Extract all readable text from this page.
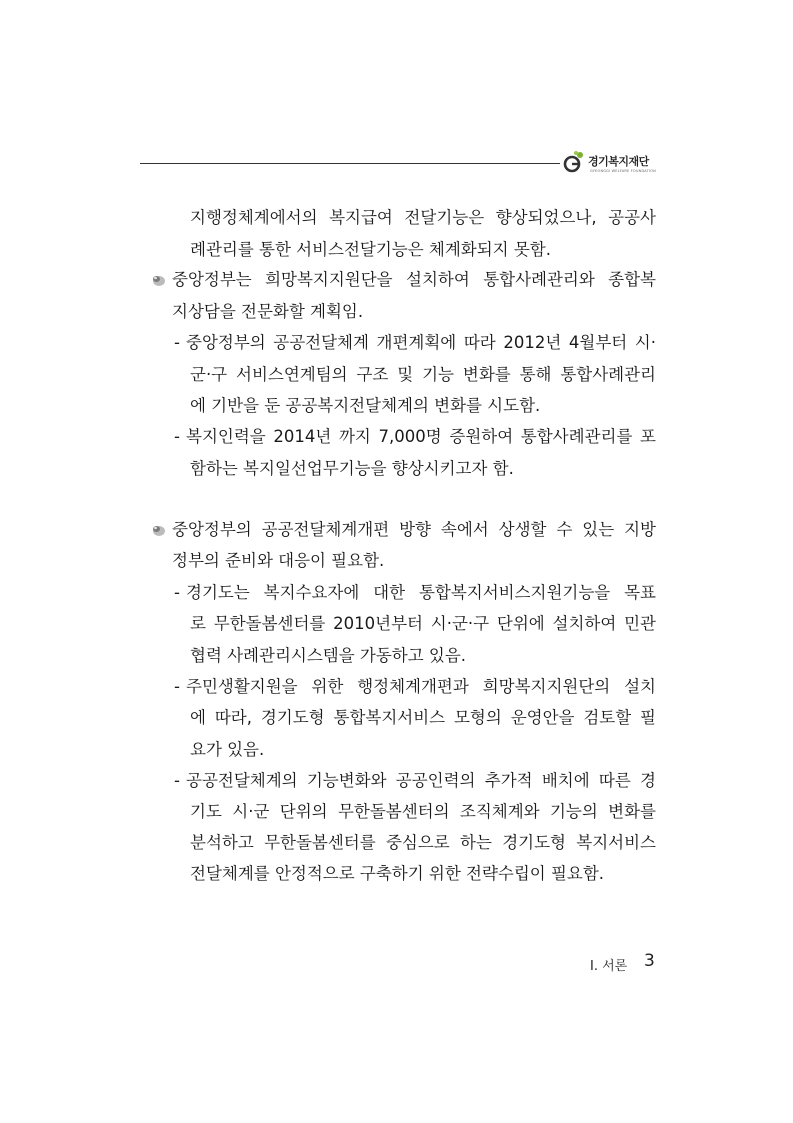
경기복지재단
GYEONGGI WELFARE FOUNDATION
지행정체계에서의 복지급여 전달기능은 향상되었으나, 공공사
례관리를 통한 서비스전달기능은 체계화되지 못함.
중앙정부는 희망복지지원단을 설치하여 통합사례관리와 종합복
지상담을 전문화할 계획임.
- 중앙정부의 공공전달체계 개편계획에 따라 2012년 4월부터 시·
군·구 서비스연계팀의 구조 및 기능 변화를 통해 통합사례관리
에 기반을 둔 공공복지전달체계의 변화를 시도함.
- 복지인력을 2014년 까지 7,000명 증원하여 통합사례관리를 포
함하는 복지일선업무기능을 향상시키고자 함.
중앙정부의 공공전달체계개편 방향 속에서 상생할 수 있는 지방
정부의 준비와 대응이 필요함.
- 경기도는 복지수요자에 대한 통합복지서비스지원기능을 목표
로 무한돌봄센터를 2010년부터 시·군·구 단위에 설치하여 민관
협력 사례관리시스템을 가동하고 있음.
- 주민생활지원을 위한 행정체계개편과 희망복지지원단의 설치
에 따라, 경기도형 통합복지서비스 모형의 운영안을 검토할 필
요가 있음.
- 공공전달체계의 기능변화와 공공인력의 추가적 배치에 따른 경
기도 시·군 단위의 무한돌봄센터의 조직체계와 기능의 변화를
분석하고 무한돌봄센터를 중심으로 하는 경기도형 복지서비스
전달체계를 안정적으로 구축하기 위한 전략수립이 필요함.
Ⅰ. 서론 3
